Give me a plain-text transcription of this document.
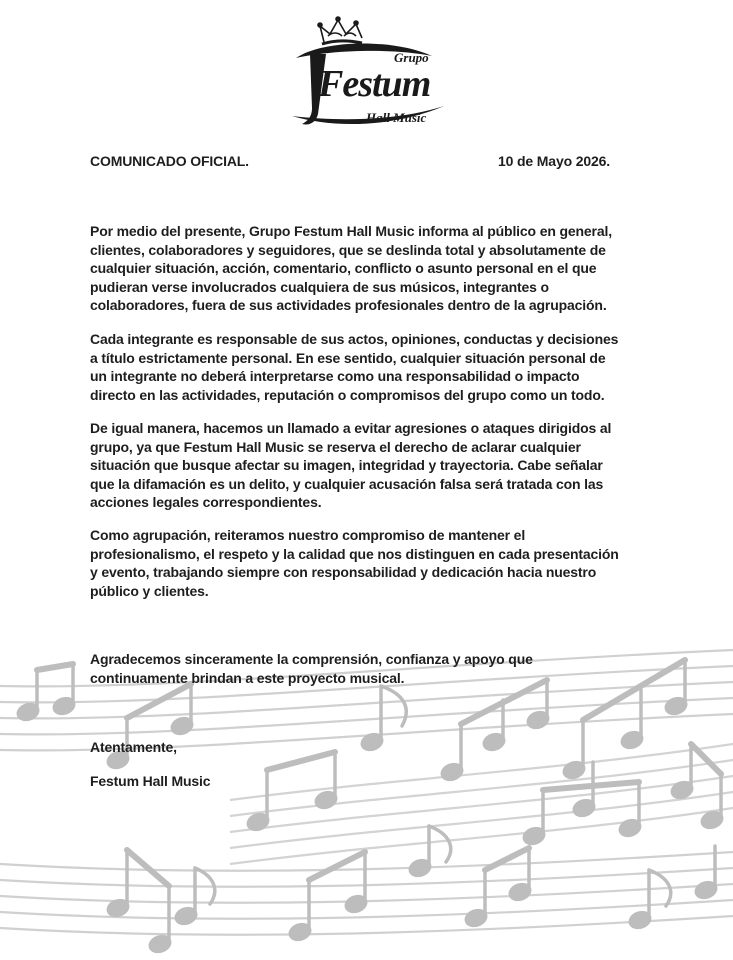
Grupo
Festum
Hall Music
COMUNICADO OFICIAL.	10 de Mayo 2026.

Por medio del presente, Grupo Festum Hall Music informa al público en general,
clientes, colaboradores y seguidores, que se deslinda total y absolutamente de
cualquier situación, acción, comentario, conflicto o asunto personal en el que
pudieran verse involucrados cualquiera de sus músicos, integrantes o
colaboradores, fuera de sus actividades profesionales dentro de la agrupación.

Cada integrante es responsable de sus actos, opiniones, conductas y decisiones
a título estrictamente personal. En ese sentido, cualquier situación personal de
un integrante no deberá interpretarse como una responsabilidad o impacto
directo en las actividades, reputación o compromisos del grupo como un todo.

De igual manera, hacemos un llamado a evitar agresiones o ataques dirigidos al
grupo, ya que Festum Hall Music se reserva el derecho de aclarar cualquier
situación que busque afectar su imagen, integridad y trayectoria. Cabe señalar
que la difamación es un delito, y cualquier acusación falsa será tratada con las
acciones legales correspondientes.

Como agrupación, reiteramos nuestro compromiso de mantener el
profesionalismo, el respeto y la calidad que nos distinguen en cada presentación
y evento, trabajando siempre con responsabilidad y dedicación hacia nuestro
público y clientes.

Agradecemos sinceramente la comprensión, confianza y apoyo que
continuamente brindan a este proyecto musical.

Atentamente,
Festum Hall Music
